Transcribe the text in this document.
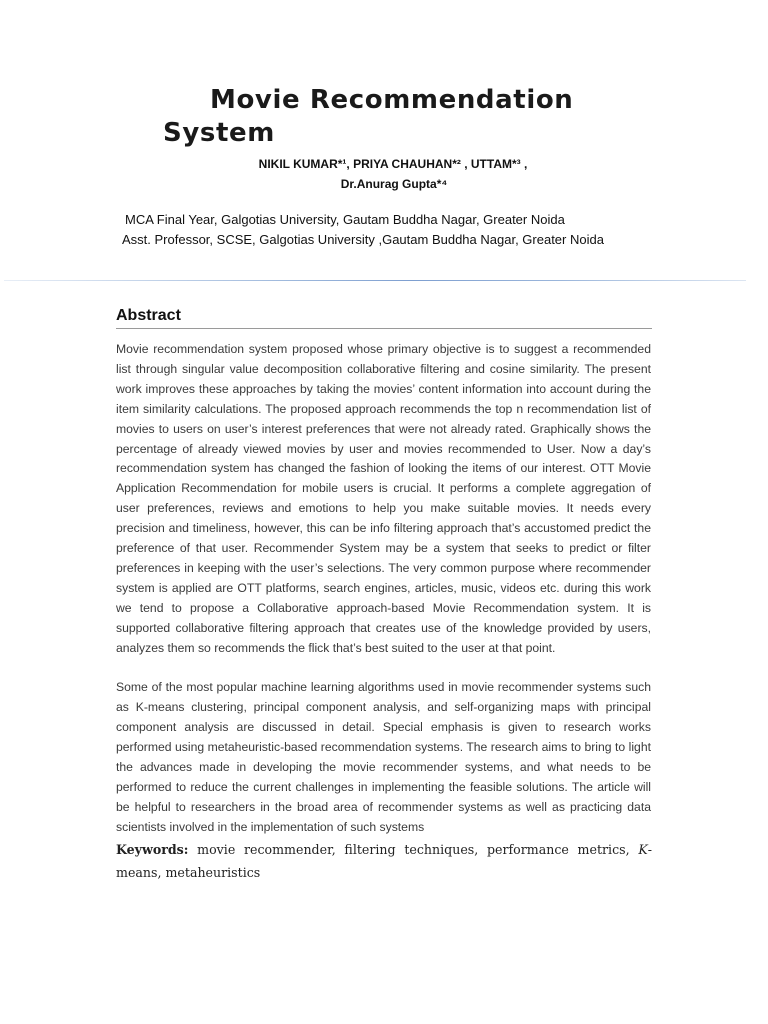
Movie Recommendation
System
NIKIL KUMAR*¹, PRIYA CHAUHAN*² , UTTAM*³ ,
Dr.Anurag Gupta*⁴
MCA Final Year, Galgotias University, Gautam Buddha Nagar, Greater Noida
Asst. Professor, SCSE, Galgotias University ,Gautam Buddha Nagar, Greater Noida
Abstract

Movie recommendation system proposed whose primary objective is to suggest a recommended list through singular value decomposition collaborative filtering and cosine similarity. The present work improves these approaches by taking the movies’ content information into account during the item similarity calculations. The proposed approach recommends the top n recommendation list of movies to users on user’s interest preferences that were not already rated. Graphically shows the percentage of already viewed movies by user and movies recommended to User. Now a day’s recommendation system has changed the fashion of looking the items of our interest. OTT Movie Application Recommendation for mobile users is crucial. It performs a complete aggregation of user preferences, reviews and emotions to help you make suitable movies. It needs every precision and timeliness, however, this can be info filtering approach that’s accustomed predict the preference of that user. Recommender System may be a system that seeks to predict or filter preferences in keeping with the user’s selections. The very common purpose where recommender system is applied are OTT platforms, search engines, articles, music, videos etc. during this work we tend to propose a Collaborative approach-based Movie Recommendation system. It is supported collaborative filtering approach that creates use of the knowledge provided by users, analyzes them so recommends the flick that’s best suited to the user at that point.

Some of the most popular machine learning algorithms used in movie recommender systems such as K-means clustering, principal component analysis, and self-organizing maps with principal component analysis are discussed in detail. Special emphasis is given to research works performed using metaheuristic-based recommendation systems. The research aims to bring to light the advances made in developing the movie recommender systems, and what needs to be performed to reduce the current challenges in implementing the feasible solutions. The article will be helpful to researchers in the broad area of recommender systems as well as practicing data scientists involved in the implementation of such systems

Keywords: movie recommender, filtering techniques, performance metrics, K-means, metaheuristics
